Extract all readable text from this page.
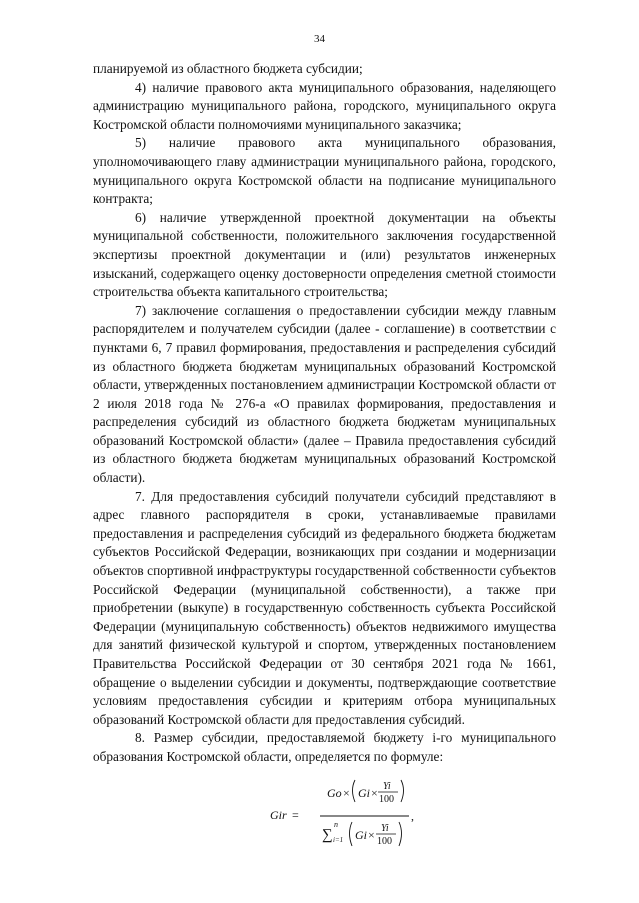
34

планируемой из областного бюджета субсидии;

4) наличие правового акта муниципального образования, наделяющего администрацию муниципального района, городского, муниципального округа Костромской области полномочиями муниципального заказчика;

5) наличие правового акта муниципального образования, уполномочивающего главу администрации муниципального района, городского, муниципального округа Костромской области на подписание муниципального контракта;

6) наличие утвержденной проектной документации на объекты муниципальной собственности, положительного заключения государственной экспертизы проектной документации и (или) результатов инженерных изысканий, содержащего оценку достоверности определения сметной стоимости строительства объекта капитального строительства;

7) заключение соглашения о предоставлении субсидии между главным распорядителем и получателем субсидии (далее - соглашение) в соответствии с пунктами 6, 7 правил формирования, предоставления и распределения субсидий из областного бюджета бюджетам муниципальных образований Костромской области, утвержденных постановлением администрации Костромской области от 2 июля 2018 года № 276-а «О правилах формирования, предоставления и распределения субсидий из областного бюджета бюджетам муниципальных образований Костромской области» (далее – Правила предоставления субсидий из областного бюджета бюджетам муниципальных образований Костромской области).

7. Для предоставления субсидий получатели субсидий представляют в адрес главного распорядителя в сроки, устанавливаемые правилами предоставления и распределения субсидий из федерального бюджета бюджетам субъектов Российской Федерации, возникающих при создании и модернизации объектов спортивной инфраструктуры государственной собственности субъектов Российской Федерации (муниципальной собственности), а также при приобретении (выкупе) в государственную собственность субъекта Российской Федерации (муниципальную собственность) объектов недвижимого имущества для занятий физической культурой и спортом, утвержденных постановлением Правительства Российской Федерации от 30 сентября 2021 года № 1661, обращение о выделении субсидии и документы, подтверждающие соответствие условиям предоставления субсидии и критериям отбора муниципальных образований Костромской области для предоставления субсидий.

8. Размер субсидии, предоставляемой бюджету i-го муниципального образования Костромской области, определяется по формуле:

Gir =
Go × Gi × Yi
100
∑
n
i=1 Gi × Yi
100
,
